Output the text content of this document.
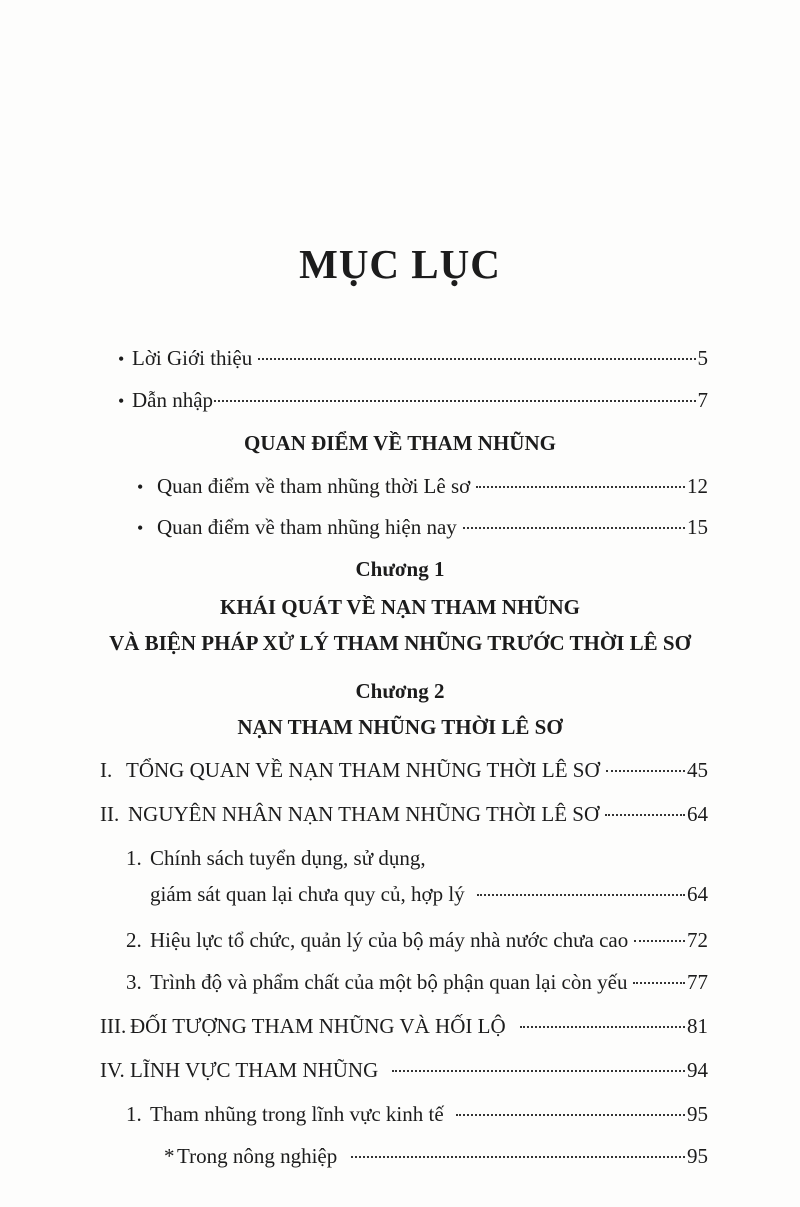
MỤC LỤC
• Lời Giới thiệu	5
• Dẫn nhập	7
QUAN ĐIỂM VỀ THAM NHŨNG
• Quan điểm về tham nhũng thời Lê sơ	12
• Quan điểm về tham nhũng hiện nay	15
Chương 1
KHÁI QUÁT VỀ NẠN THAM NHŨNG
VÀ BIỆN PHÁP XỬ LÝ THAM NHŨNG TRƯỚC THỜI LÊ SƠ
Chương 2
NẠN THAM NHŨNG THỜI LÊ SƠ
I. TỔNG QUAN VỀ NẠN THAM NHŨNG THỜI LÊ SƠ	45
II. NGUYÊN NHÂN NẠN THAM NHŨNG THỜI LÊ SƠ	64
1. Chính sách tuyển dụng, sử dụng,
giám sát quan lại chưa quy củ, hợp lý	64
2. Hiệu lực tổ chức, quản lý của bộ máy nhà nước chưa cao	72
3. Trình độ và phẩm chất của một bộ phận quan lại còn yếu	77
III. ĐỐI TƯỢNG THAM NHŨNG VÀ HỐI LỘ	81
IV. LĨNH VỰC THAM NHŨNG	94
1. Tham nhũng trong lĩnh vực kinh tế	95
* Trong nông nghiệp	95
